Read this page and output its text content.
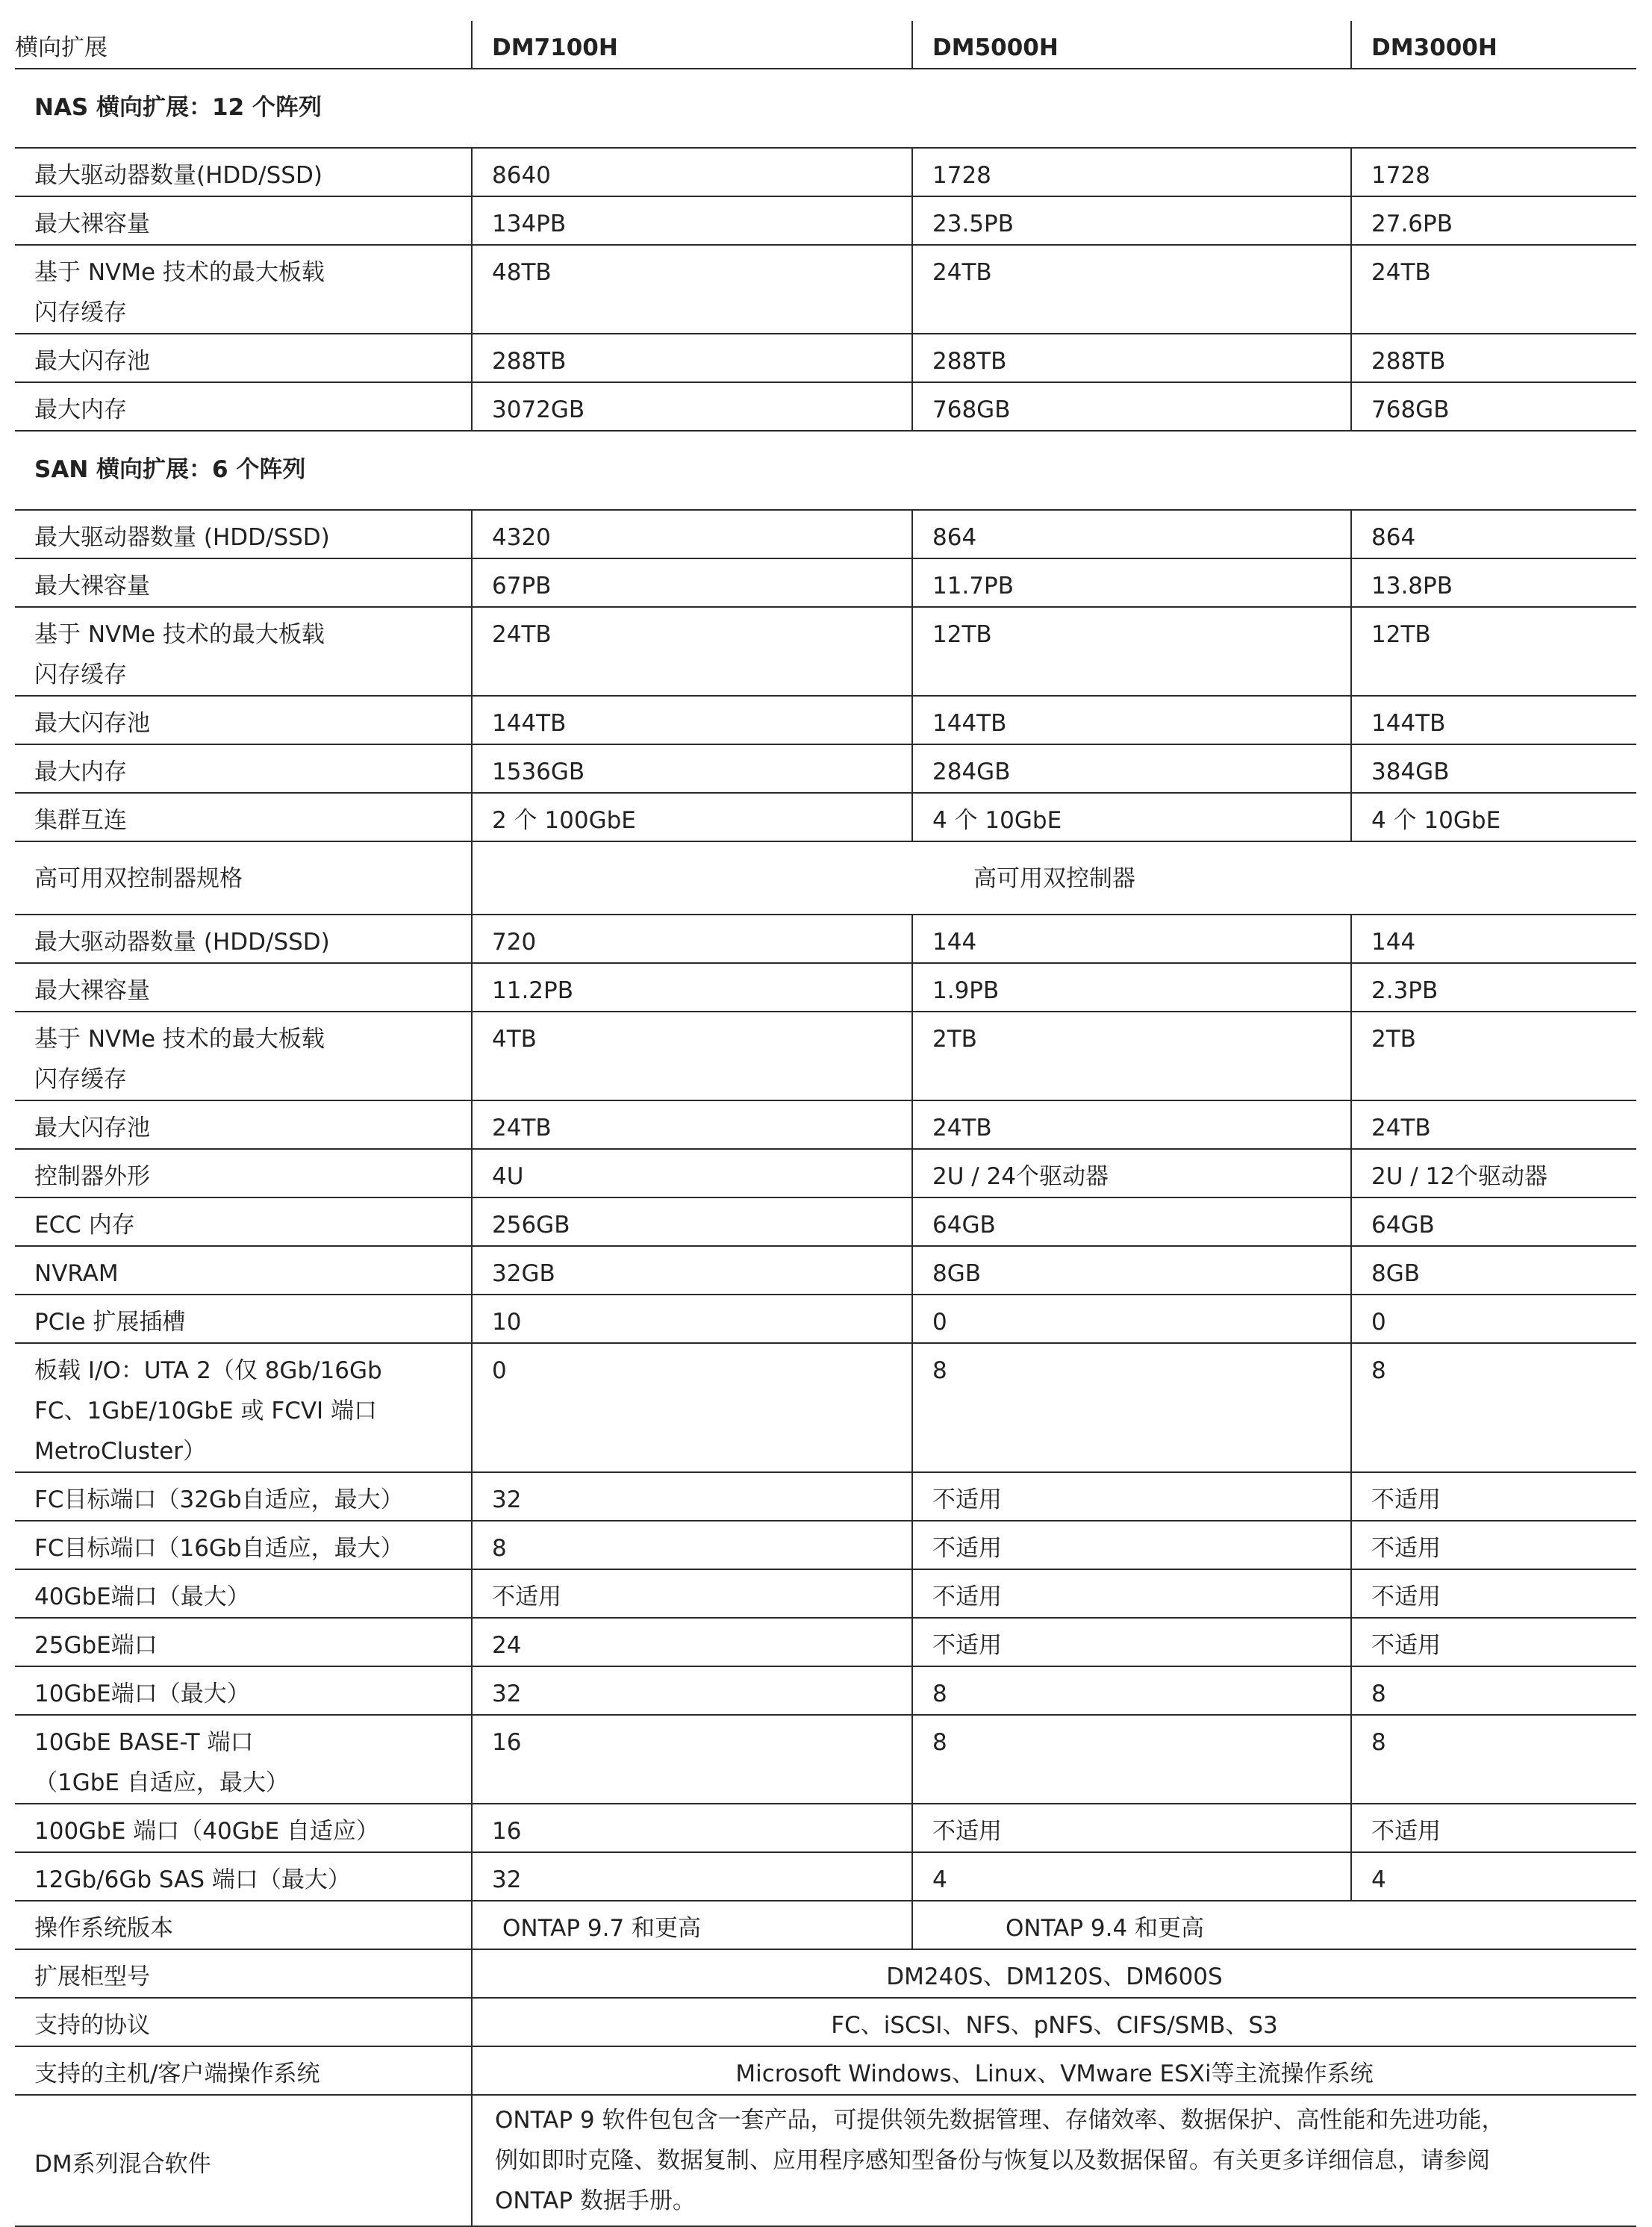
横向扩展	DM7100H	DM5000H	DM3000H
NAS 横向扩展：12 个阵列			
最大驱动器数量(HDD/SSD)	8640	1728	1728
最大裸容量	134PB	23.5PB	27.6PB
基于 NVMe 技术的最大板载
闪存缓存	48TB	24TB	24TB
最大闪存池	288TB	288TB	288TB
最大内存	3072GB	768GB	768GB
SAN 横向扩展：6 个阵列			
最大驱动器数量 (HDD/SSD)	4320	864	864
最大裸容量	67PB	11.7PB	13.8PB
基于 NVMe 技术的最大板载
闪存缓存	24TB	12TB	12TB
最大闪存池	144TB	144TB	144TB
最大内存	1536GB	284GB	384GB
集群互连	2 个 100GbE	4 个 10GbE	4 个 10GbE
高可用双控制器规格	高可用双控制器		
最大驱动器数量 (HDD/SSD)	720	144	144
最大裸容量	11.2PB	1.9PB	2.3PB
基于 NVMe 技术的最大板载
闪存缓存	4TB	2TB	2TB
最大闪存池	24TB	24TB	24TB
控制器外形	4U	2U / 24个驱动器	2U / 12个驱动器
ECC 内存	256GB	64GB	64GB
NVRAM	32GB	8GB	8GB
PCIe 扩展插槽	10	0	0
板载 I/O：UTA 2（仅 8Gb/16Gb
FC、1GbE/10GbE 或 FCVI 端口
MetroCluster）	0	8	8
FC目标端口（32Gb自适应，最大）	32	不适用	不适用
FC目标端口（16Gb自适应，最大）	8	不适用	不适用
40GbE端口（最大）	不适用	不适用	不适用
25GbE端口	24	不适用	不适用
10GbE端口（最大）	32	8	8
10GbE BASE-T 端口
（1GbE 自适应，最大）	16	8	8
100GbE 端口（40GbE 自适应）	16	不适用	不适用
12Gb/6Gb SAS 端口（最大）	32	4	4
操作系统版本	ONTAP 9.7 和更高	ONTAP 9.4 和更高	
扩展柜型号	DM240S、DM120S、DM600S		
支持的协议	FC、iSCSI、NFS、pNFS、CIFS/SMB、S3		
支持的主机/客户端操作系统	Microsoft Windows、Linux、VMware ESXi等主流操作系统		
DM系列混合软件	ONTAP 9 软件包包含一套产品，可提供领先数据管理、存储效率、数据保护、高性能和先进功能，
例如即时克隆、数据复制、应用程序感知型备份与恢复以及数据保留。有关更多详细信息，请参阅
ONTAP 数据手册。		
